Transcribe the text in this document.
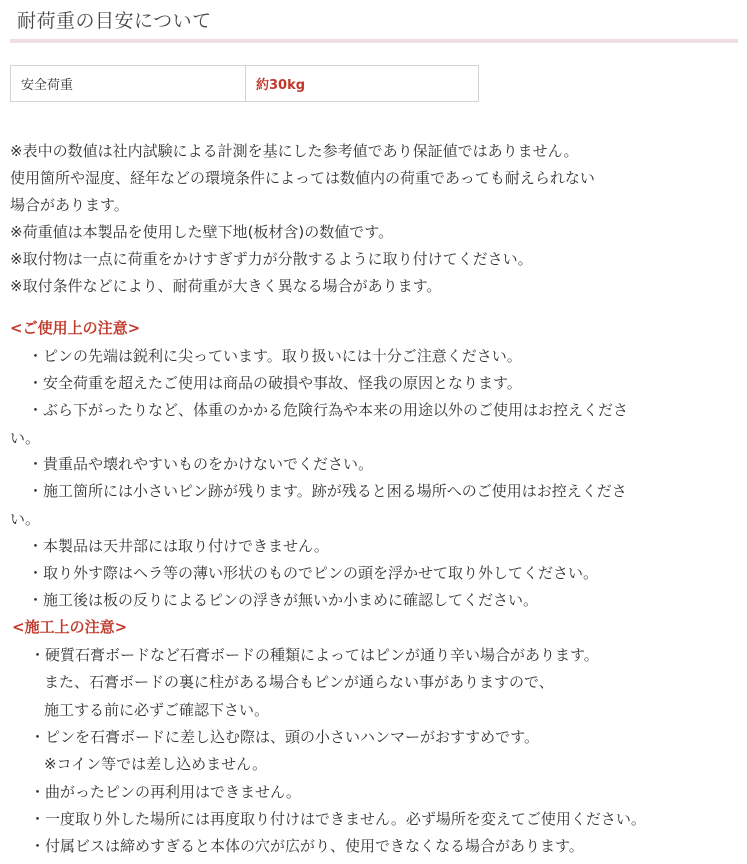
耐荷重の目安について
安全荷重	約30kg
※表中の数値は社内試験による計測を基にした参考値であり保証値ではありません。
使用箇所や湿度、経年などの環境条件によっては数値内の荷重であっても耐えられない
場合があります。
※荷重値は本製品を使用した壁下地(板材含)の数値です。
※取付物は一点に荷重をかけすぎず力が分散するように取り付けてください。
※取付条件などにより、耐荷重が大きく異なる場合があります。
<ご使用上の注意>
・ピンの先端は鋭利に尖っています。取り扱いには十分ご注意ください。
・安全荷重を超えたご使用は商品の破損や事故、怪我の原因となります。
・ぶら下がったりなど、体重のかかる危険行為や本来の用途以外のご使用はお控えくださ
い。
・貴重品や壊れやすいものをかけないでください。
・施工箇所には小さいピン跡が残ります。跡が残ると困る場所へのご使用はお控えくださ
い。
・本製品は天井部には取り付けできません。
・取り外す際はヘラ等の薄い形状のものでピンの頭を浮かせて取り外してください。
・施工後は板の反りによるピンの浮きが無いか小まめに確認してください。
<施工上の注意>
・硬質石膏ボードなど石膏ボードの種類によってはピンが通り辛い場合があります。
また、石膏ボードの裏に柱がある場合もピンが通らない事がありますので、
施工する前に必ずご確認下さい。
・ピンを石膏ボードに差し込む際は、頭の小さいハンマーがおすすめです。
※コイン等では差し込めません。
・曲がったピンの再利用はできません。
・一度取り外した場所には再度取り付けはできません。必ず場所を変えてご使用ください。
・付属ビスは締めすぎると本体の穴が広がり、使用できなくなる場合があります。
